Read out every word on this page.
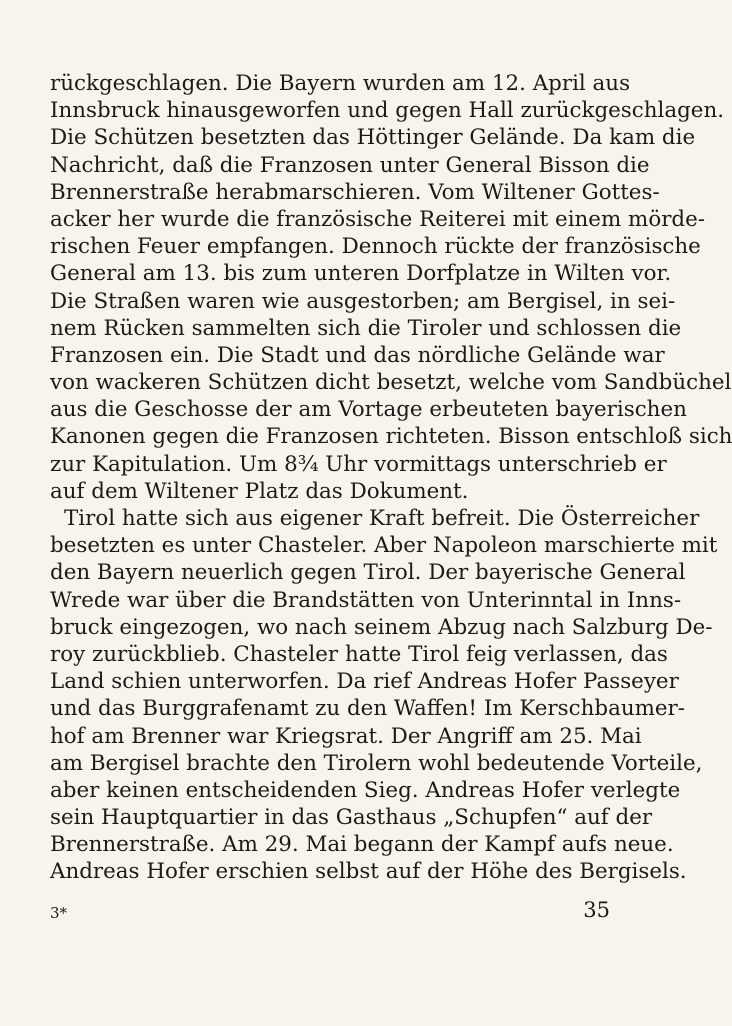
rückgeschlagen. Die Bayern wurden am 12. April aus
Innsbruck hinausgeworfen und gegen Hall zurückgeschlagen.
Die Schützen besetzten das Höttinger Gelände. Da kam die
Nachricht, daß die Franzosen unter General Bisson die
Brennerstraße herabmarschieren. Vom Wiltener Gottes-
acker her wurde die französische Reiterei mit einem mörde-
rischen Feuer empfangen. Dennoch rückte der französische
General am 13. bis zum unteren Dorfplatze in Wilten vor.
Die Straßen waren wie ausgestorben; am Bergisel, in sei-
nem Rücken sammelten sich die Tiroler und schlossen die
Franzosen ein. Die Stadt und das nördliche Gelände war
von wackeren Schützen dicht besetzt, welche vom Sandbüchel
aus die Geschosse der am Vortage erbeuteten bayerischen
Kanonen gegen die Franzosen richteten. Bisson entschloß sich
zur Kapitulation. Um 8¾ Uhr vormittags unterschrieb er
auf dem Wiltener Platz das Dokument.
Tirol hatte sich aus eigener Kraft befreit. Die Österreicher
besetzten es unter Chasteler. Aber Napoleon marschierte mit
den Bayern neuerlich gegen Tirol. Der bayerische General
Wrede war über die Brandstätten von Unterinntal in Inns-
bruck eingezogen, wo nach seinem Abzug nach Salzburg De-
roy zurückblieb. Chasteler hatte Tirol feig verlassen, das
Land schien unterworfen. Da rief Andreas Hofer Passeyer
und das Burggrafenamt zu den Waffen! Im Kerschbaumer-
hof am Brenner war Kriegsrat. Der Angriff am 25. Mai
am Bergisel brachte den Tirolern wohl bedeutende Vorteile,
aber keinen entscheidenden Sieg. Andreas Hofer verlegte
sein Hauptquartier in das Gasthaus „Schupfen“ auf der
Brennerstraße. Am 29. Mai begann der Kampf aufs neue.
Andreas Hofer erschien selbst auf der Höhe des Bergisels.
3*	35
